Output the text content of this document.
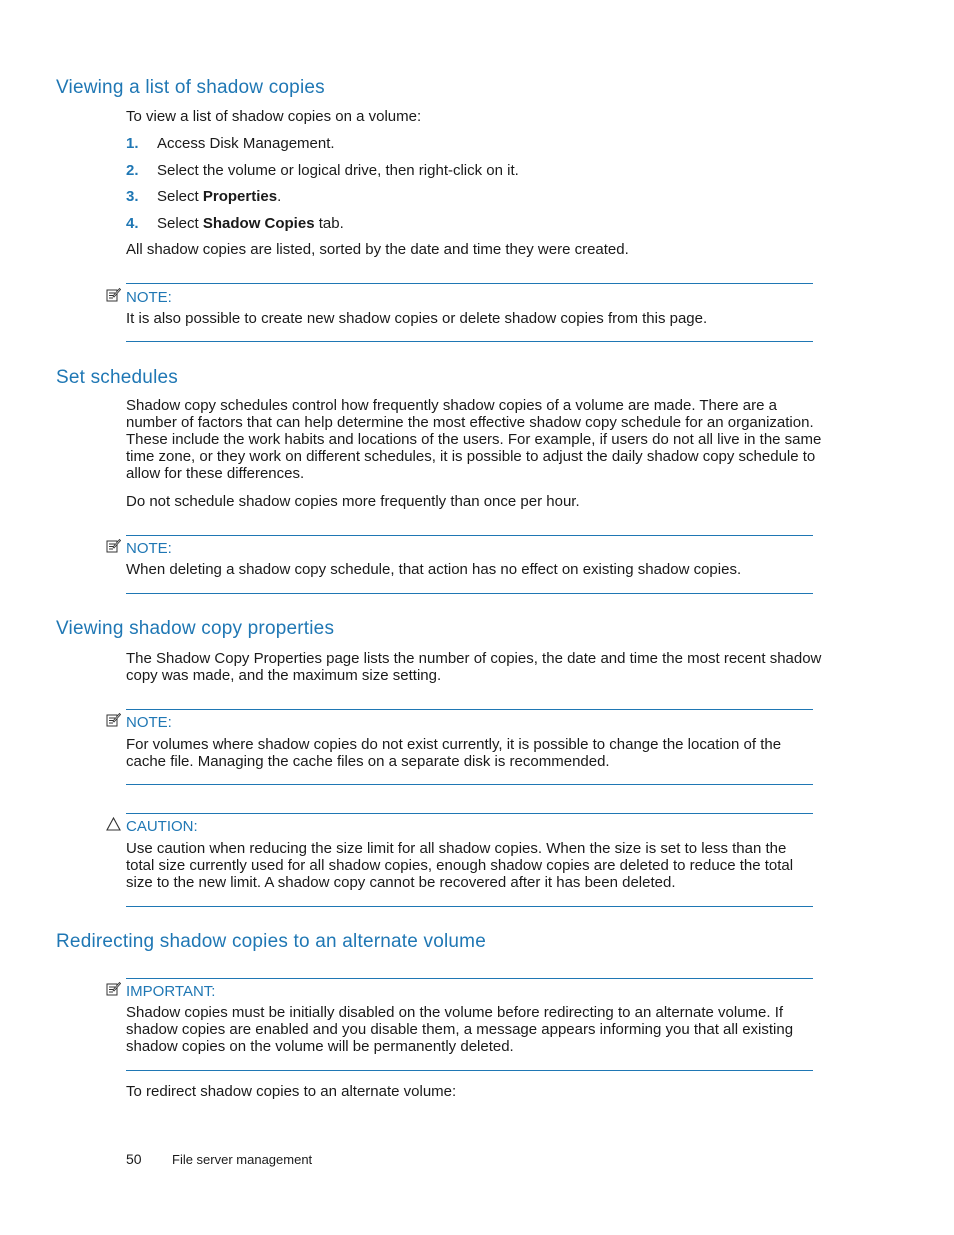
Viewing a list of shadow copies

To view a list of shadow copies on a volume:

1. Access Disk Management.

2. Select the volume or logical drive, then right-click on it.

3. Select Properties.

4. Select Shadow Copies tab.

All shadow copies are listed, sorted by the date and time they were created.

NOTE:

It is also possible to create new shadow copies or delete shadow copies from this page.

Set schedules

Shadow copy schedules control how frequently shadow copies of a volume are made. There are a number of factors that can help determine the most effective shadow copy schedule for an organization. These include the work habits and locations of the users. For example, if users do not all live in the same time zone, or they work on different schedules, it is possible to adjust the daily shadow copy schedule to allow for these differences.

Do not schedule shadow copies more frequently than once per hour.

NOTE:

When deleting a shadow copy schedule, that action has no effect on existing shadow copies.

Viewing shadow copy properties

The Shadow Copy Properties page lists the number of copies, the date and time the most recent shadow copy was made, and the maximum size setting.

NOTE:

For volumes where shadow copies do not exist currently, it is possible to change the location of the cache file. Managing the cache files on a separate disk is recommended.

CAUTION:

Use caution when reducing the size limit for all shadow copies. When the size is set to less than the total size currently used for all shadow copies, enough shadow copies are deleted to reduce the total size to the new limit. A shadow copy cannot be recovered after it has been deleted.

Redirecting shadow copies to an alternate volume

IMPORTANT:

Shadow copies must be initially disabled on the volume before redirecting to an alternate volume. If shadow copies are enabled and you disable them, a message appears informing you that all existing shadow copies on the volume will be permanently deleted.

To redirect shadow copies to an alternate volume:

50 File server management
